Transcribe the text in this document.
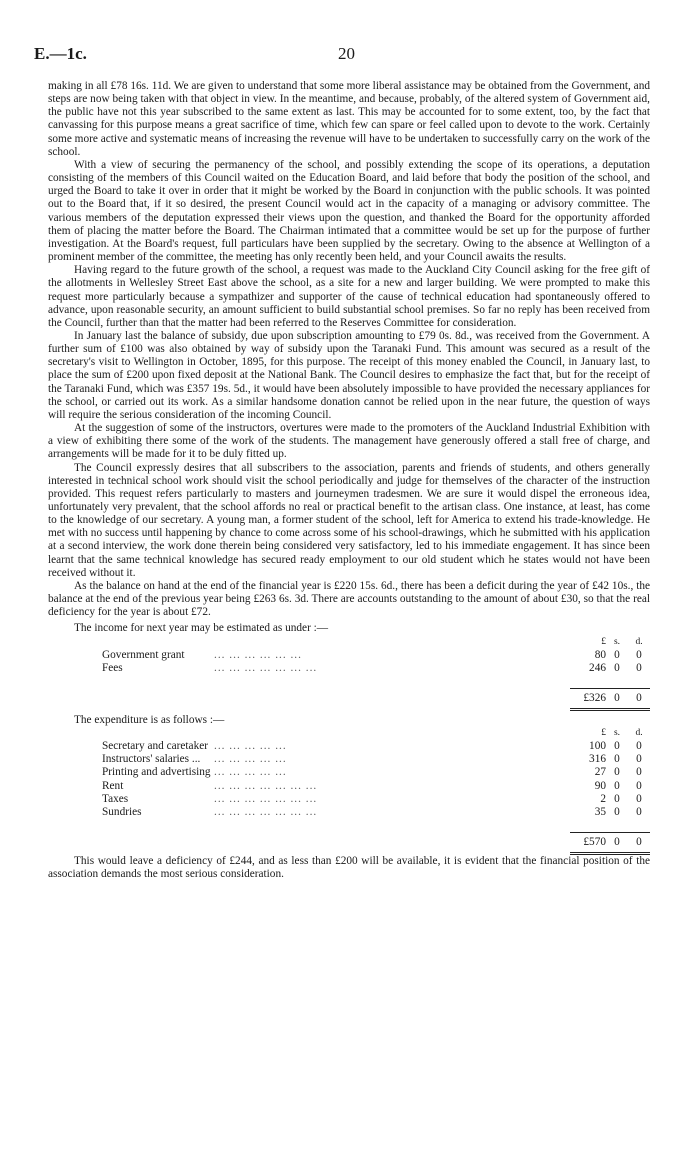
E.—1c.	20

making in all £78 16s. 11d. We are given to understand that some more liberal assistance may be obtained from the Government, and steps are now being taken with that object in view. In the meantime, and because, probably, of the altered system of Government aid, the public have not this year subscribed to the same extent as last. This may be accounted for to some extent, too, by the fact that canvassing for this purpose means a great sacrifice of time, which few can spare or feel called upon to devote to the work. Certainly some more active and systematic means of increasing the revenue will have to be undertaken to successfully carry on the work of the school.

With a view of securing the permanency of the school, and possibly extending the scope of its operations, a deputation consisting of the members of this Council waited on the Education Board, and laid before that body the position of the school, and urged the Board to take it over in order that it might be worked by the Board in conjunction with the public schools. It was pointed out to the Board that, if it so desired, the present Council would act in the capacity of a managing or advisory committee. The various members of the deputation expressed their views upon the question, and thanked the Board for the opportunity afforded them of placing the matter before the Board. The Chairman intimated that a committee would be set up for the purpose of further investigation. At the Board's request, full particulars have been supplied by the secretary. Owing to the absence at Wellington of a prominent member of the committee, the meeting has only recently been held, and your Council awaits the results.

Having regard to the future growth of the school, a request was made to the Auckland City Council asking for the free gift of the allotments in Wellesley Street East above the school, as a site for a new and larger building. We were prompted to make this request more particularly because a sympathizer and supporter of the cause of technical education had spontaneously offered to advance, upon reasonable security, an amount sufficient to build substantial school premises. So far no reply has been received from the Council, further than that the matter had been referred to the Reserves Committee for consideration.

In January last the balance of subsidy, due upon subscription amounting to £79 0s. 8d., was received from the Government. A further sum of £100 was also obtained by way of subsidy upon the Taranaki Fund. This amount was secured as a result of the secretary's visit to Wellington in October, 1895, for this purpose. The receipt of this money enabled the Council, in January last, to place the sum of £200 upon fixed deposit at the National Bank. The Council desires to emphasize the fact that, but for the receipt of the Taranaki Fund, which was £357 19s. 5d., it would have been absolutely impossible to have provided the necessary appliances for the school, or carried out its work. As a similar handsome donation cannot be relied upon in the near future, the question of ways will require the serious consideration of the incoming Council.

At the suggestion of some of the instructors, overtures were made to the promoters of the Auckland Industrial Exhibition with a view of exhibiting there some of the work of the students. The management have generously offered a stall free of charge, and arrangements will be made for it to be duly fitted up.

The Council expressly desires that all subscribers to the association, parents and friends of students, and others generally interested in technical school work should visit the school periodically and judge for themselves of the character of the instruction provided. This request refers particularly to masters and journeymen tradesmen. We are sure it would dispel the erroneous idea, unfortunately very prevalent, that the school affords no real or practical benefit to the artisan class. One instance, at least, has come to the knowledge of our secretary. A young man, a former student of the school, left for America to extend his trade-knowledge. He met with no success until happening by chance to come across some of his school-drawings, which he submitted with his application at a second interview, the work done therein being considered very satisfactory, led to his immediate engagement. It has since been learnt that the same technical knowledge has secured ready employment to our old student which he states would not have been received without it.

As the balance on hand at the end of the financial year is £220 15s. 6d., there has been a deficit during the year of £42 10s., the balance at the end of the previous year being £263 6s. 3d. There are accounts outstanding to the amount of about £30, so that the real deficiency for the year is about £72.

The income for next year may be estimated as under :—
		£	s.	d.
Government grant	... ... ... ... ... ...	80	0	0
Fees	... ... ... ... ... ... ...	246	0	0

		£326	0	0
The expenditure is as follows :—
		£	s.	d.
Secretary and caretaker	... ... ... ... ...	100	0	0
Instructors' salaries ...	... ... ... ... ...	316	0	0
Printing and advertising	... ... ... ... ...	27	0	0
Rent	... ... ... ... ... ... ...	90	0	0
Taxes	... ... ... ... ... ... ...	2	0	0
Sundries	... ... ... ... ... ... ...	35	0	0

		£570	0	0

This would leave a deficiency of £244, and as less than £200 will be available, it is evident that the financial position of the association demands the most serious consideration.
